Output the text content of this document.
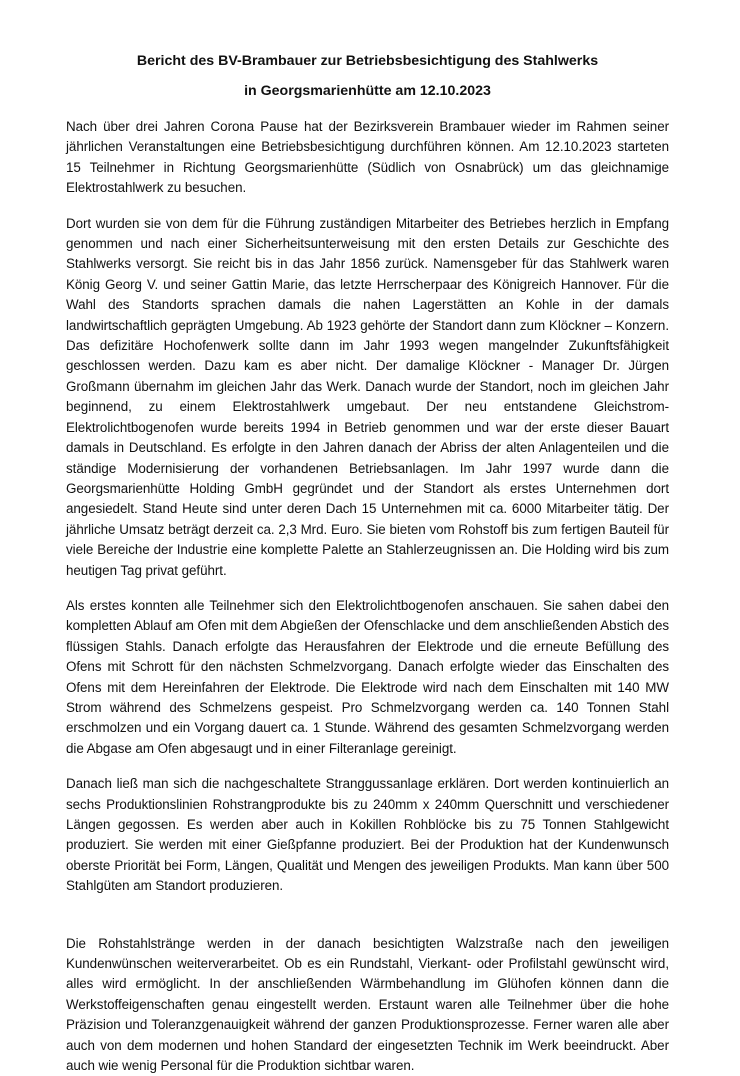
Bericht des BV-Brambauer zur Betriebsbesichtigung des Stahlwerks

in Georgsmarienhütte am 12.10.2023

Nach über drei Jahren Corona Pause hat der Bezirksverein Brambauer wieder im Rahmen seiner jährlichen Veranstaltungen eine Betriebsbesichtigung durchführen können. Am 12.10.2023 starteten 15 Teilnehmer in Richtung Georgsmarienhütte (Südlich von Osnabrück) um das gleichnamige Elektrostahlwerk zu besuchen.

Dort wurden sie von dem für die Führung zuständigen Mitarbeiter des Betriebes herzlich in Empfang genommen und nach einer Sicherheitsunterweisung mit den ersten Details zur Geschichte des Stahlwerks versorgt. Sie reicht bis in das Jahr 1856 zurück. Namensgeber für das Stahlwerk waren König Georg V. und seiner Gattin Marie, das letzte Herrscherpaar des Königreich Hannover. Für die Wahl des Standorts sprachen damals die nahen Lagerstätten an Kohle in der damals landwirtschaftlich geprägten Umgebung. Ab 1923 gehörte der Standort dann zum Klöckner – Konzern. Das defizitäre Hochofenwerk sollte dann im Jahr 1993 wegen mangelnder Zukunftsfähigkeit geschlossen werden. Dazu kam es aber nicht. Der damalige Klöckner - Manager Dr. Jürgen Großmann übernahm im gleichen Jahr das Werk. Danach wurde der Standort, noch im gleichen Jahr beginnend, zu einem Elektrostahlwerk umgebaut. Der neu entstandene Gleichstrom-Elektrolichtbogenofen wurde bereits 1994 in Betrieb genommen und war der erste dieser Bauart damals in Deutschland. Es erfolgte in den Jahren danach der Abriss der alten Anlagenteilen und die ständige Modernisierung der vorhandenen Betriebsanlagen. Im Jahr 1997 wurde dann die Georgsmarienhütte Holding GmbH gegründet und der Standort als erstes Unternehmen dort angesiedelt. Stand Heute sind unter deren Dach 15 Unternehmen mit ca. 6000 Mitarbeiter tätig. Der jährliche Umsatz beträgt derzeit ca. 2,3 Mrd. Euro. Sie bieten vom Rohstoff bis zum fertigen Bauteil für viele Bereiche der Industrie eine komplette Palette an Stahlerzeugnissen an. Die Holding wird bis zum heutigen Tag privat geführt.

Als erstes konnten alle Teilnehmer sich den Elektrolichtbogenofen anschauen. Sie sahen dabei den kompletten Ablauf am Ofen mit dem Abgießen der Ofenschlacke und dem anschließenden Abstich des flüssigen Stahls. Danach erfolgte das Herausfahren der Elektrode und die erneute Befüllung des Ofens mit Schrott für den nächsten Schmelzvorgang. Danach erfolgte wieder das Einschalten des Ofens mit dem Hereinfahren der Elektrode. Die Elektrode wird nach dem Einschalten mit 140 MW Strom während des Schmelzens gespeist. Pro Schmelzvorgang werden ca. 140 Tonnen Stahl erschmolzen und ein Vorgang dauert ca. 1 Stunde. Während des gesamten Schmelzvorgang werden die Abgase am Ofen abgesaugt und in einer Filteranlage gereinigt.

Danach ließ man sich die nachgeschaltete Stranggussanlage erklären. Dort werden kontinuierlich an sechs Produktionslinien Rohstrangprodukte bis zu 240mm x 240mm Querschnitt und verschiedener Längen gegossen. Es werden aber auch in Kokillen Rohblöcke bis zu 75 Tonnen Stahlgewicht produziert. Sie werden mit einer Gießpfanne produziert. Bei der Produktion hat der Kundenwunsch oberste Priorität bei Form, Längen, Qualität und Mengen des jeweiligen Produkts. Man kann über 500 Stahlgüten am Standort produzieren.

Die Rohstahlstränge werden in der danach besichtigten Walzstraße nach den jeweiligen Kundenwünschen weiterverarbeitet. Ob es ein Rundstahl, Vierkant- oder Profilstahl gewünscht wird, alles wird ermöglicht. In der anschließenden Wärmbehandlung im Glühofen können dann die Werkstoffeigenschaften genau eingestellt werden. Erstaunt waren alle Teilnehmer über die hohe Präzision und Toleranzgenauigkeit während der ganzen Produktionsprozesse. Ferner waren alle aber auch von dem modernen und hohen Standard der eingesetzten Technik im Werk beeindruckt. Aber auch wie wenig Personal für die Produktion sichtbar waren.
